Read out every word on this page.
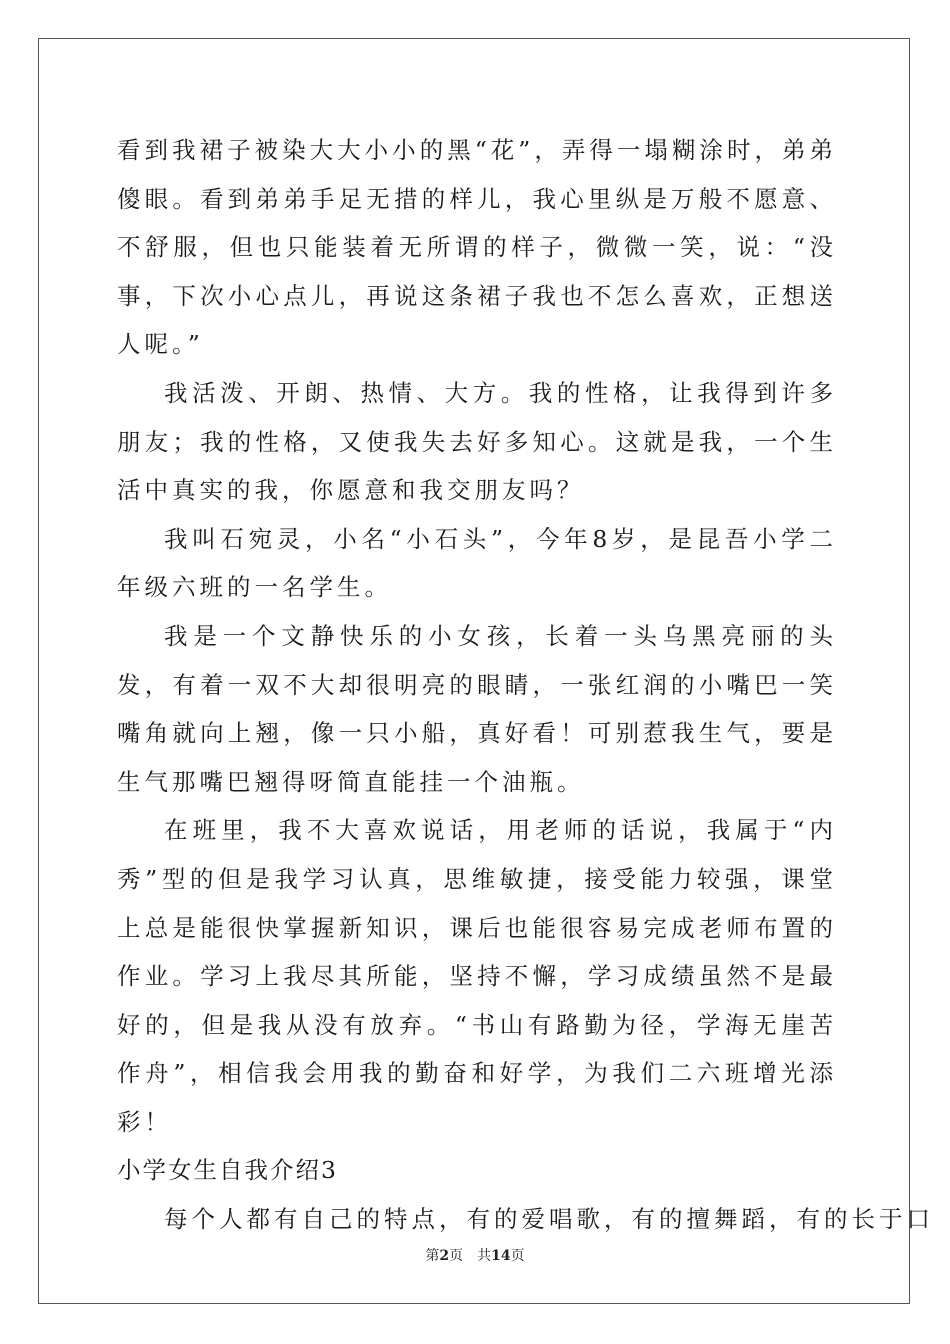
看到我裙子被染大大小小的黑“花”，弄得一塌糊涂时，弟弟傻眼。看到弟弟手足无措的样儿，我心里纵是万般不愿意、不舒服，但也只能装着无所谓的样子，微微一笑，说：“没事，下次小心点儿，再说这条裙子我也不怎么喜欢，正想送人呢。”

我活泼、开朗、热情、大方。我的性格，让我得到许多朋友；我的性格，又使我失去好多知心。这就是我，一个生活中真实的我，你愿意和我交朋友吗？

我叫石宛灵，小名“小石头”，今年8岁，是昆吾小学二年级六班的一名学生。

我是一个文静快乐的小女孩，长着一头乌黑亮丽的头发，有着一双不大却很明亮的眼睛，一张红润的小嘴巴一笑嘴角就向上翘，像一只小船，真好看！可别惹我生气，要是生气那嘴巴翘得呀简直能挂一个油瓶。

在班里，我不大喜欢说话，用老师的话说，我属于“内秀”型的但是我学习认真，思维敏捷，接受能力较强，课堂上总是能很快掌握新知识，课后也能很容易完成老师布置的作业。学习上我尽其所能，坚持不懈，学习成绩虽然不是最好的，但是我从没有放弃。“书山有路勤为径，学海无崖苦作舟”，相信我会用我的勤奋和好学，为我们二六班增光添彩！

小学女生自我介绍3

每个人都有自己的特点，有的爱唱歌，有的擅舞蹈，有的长于口

第2页　共14页
